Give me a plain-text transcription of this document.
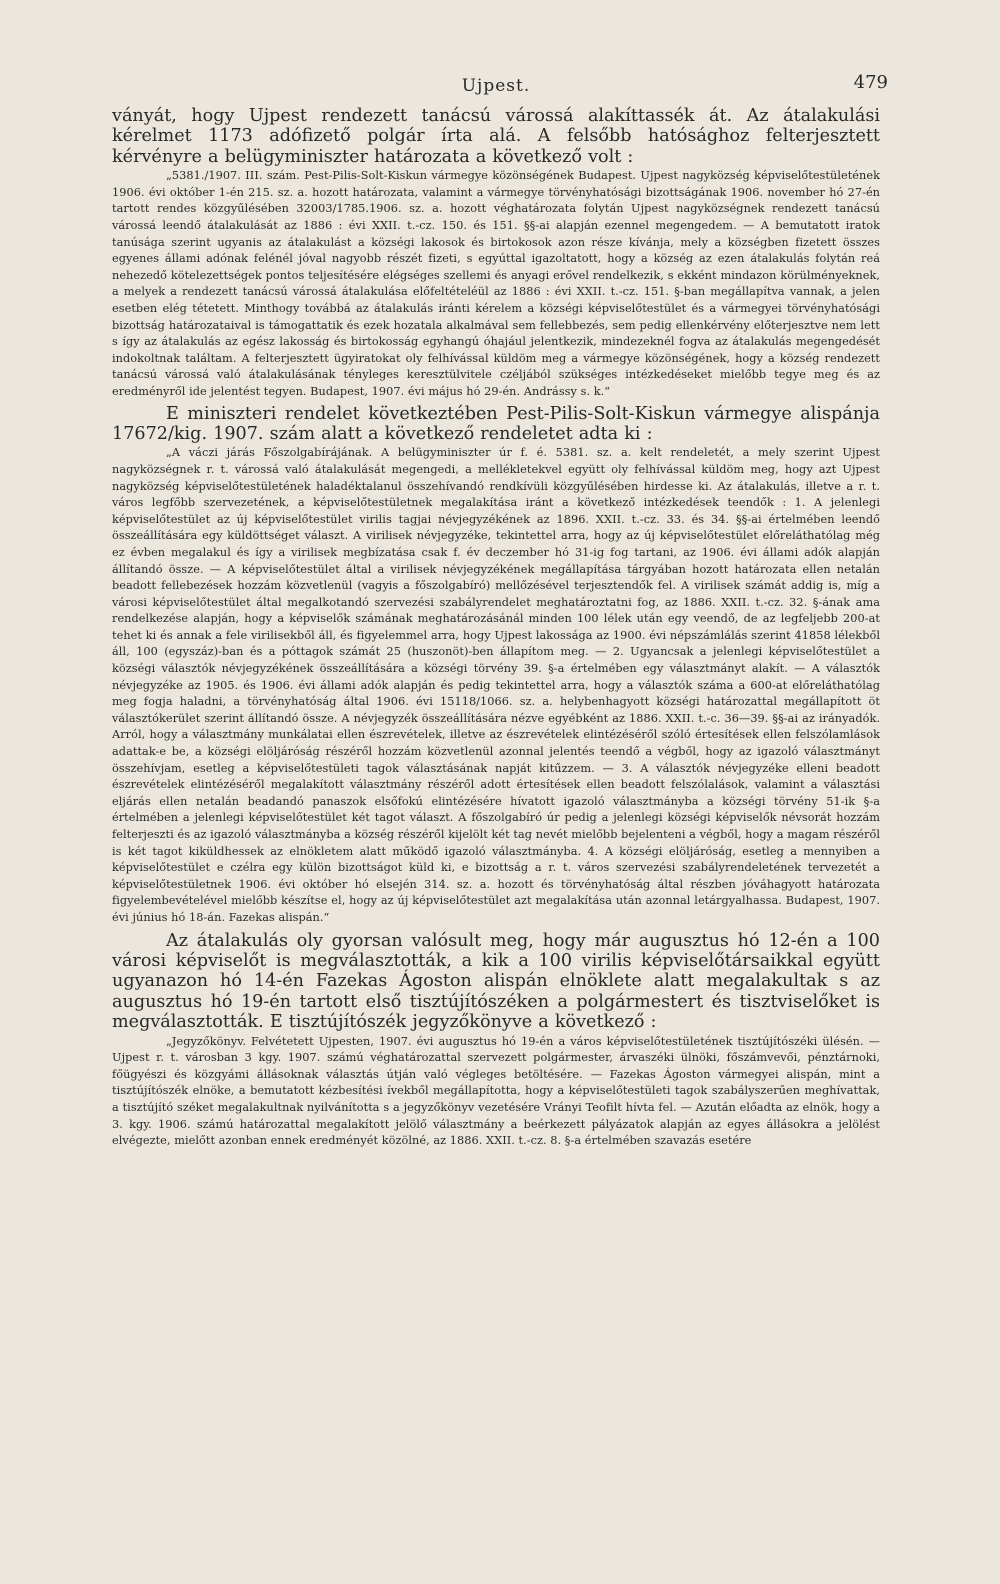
Ujpest.	479

ványát, hogy Ujpest rendezett tanácsú várossá alakíttassék át. Az átalakulási kérelmet 1173 adófizető polgár írta alá. A felsőbb hatósághoz felterjesztett kérvényre a belügyminiszter határozata a következő volt :

„5381./1907. III. szám. Pest-Pilis-Solt-Kiskun vármegye közönségének Budapest. Ujpest nagyközség képviselőtestületének 1906. évi október 1-én 215. sz. a. hozott határozata, valamint a vármegye törvényhatósági bizottságának 1906. november hó 27-én tartott rendes közgyűlésében 32003/1785.1906. sz. a. hozott véghatározata folytán Ujpest nagyközségnek rendezett tanácsú várossá leendő átalakulását az 1886 : évi XXII. t.-cz. 150. és 151. §§-ai alapján ezennel megengedem. — A bemutatott iratok tanúsága szerint ugyanis az átalakulást a községi lakosok és birtokosok azon része kívánja, mely a községben fizetett összes egyenes állami adónak felénél jóval nagyobb részét fizeti, s egyúttal igazoltatott, hogy a község az ezen átalakulás folytán reá nehezedő kötelezettségek pontos teljesítésére elégséges szellemi és anyagi erővel rendelkezik, s ekként mindazon körülményeknek, a melyek a rendezett tanácsú várossá átalakulása előfeltételéül az 1886 : évi XXII. t.-cz. 151. §-ban megállapítva vannak, a jelen esetben elég tétetett. Minthogy továbbá az átalakulás iránti kérelem a községi képviselőtestület és a vármegyei törvényhatósági bizottság határozataival is támogattatik és ezek hozatala alkalmával sem fellebbezés, sem pedig ellenkérvény előterjesztve nem lett s így az átalakulás az egész lakosság és birtokosság egyhangú óhajául jelentkezik, mindezeknél fogva az átalakulás megengedését indokoltnak találtam. A felterjesztett ügyiratokat oly felhívással küldöm meg a vármegye közönségének, hogy a község rendezett tanácsú várossá való átalakulásának tényleges keresztülvitele czéljából szükséges intézkedéseket mielőbb tegye meg és az eredményről ide jelentést tegyen. Budapest, 1907. évi május hó 29-én. Andrássy s. k.“

E miniszteri rendelet következtében Pest-Pilis-Solt-Kiskun vármegye alispánja 17672/kig. 1907. szám alatt a következő rendeletet adta ki :

„A váczi járás Főszolgabírájának. A belügyminiszter úr f. é. 5381. sz. a. kelt rendeletét, a mely szerint Ujpest nagyközségnek r. t. várossá való átalakulását megengedi, a mellékletekvel együtt oly felhívással küldöm meg, hogy azt Ujpest nagyközség képviselőtestületének haladéktalanul összehívandó rendkívüli közgyűlésében hirdesse ki. Az átalakulás, illetve a r. t. város legfőbb szervezetének, a képviselőtestületnek megalakítása iránt a következő intézkedések teendők : 1. A jelenlegi képviselőtestület az új képviselőtestület virilis tagjai névjegyzékének az 1896. XXII. t.-cz. 33. és 34. §§-ai értelmében leendő összeállítására egy küldöttséget választ. A virilisek névjegyzéke, tekintettel arra, hogy az új képviselőtestület előreláthatólag még ez évben megalakul és így a virilisek megbízatása csak f. év deczember hó 31-ig fog tartani, az 1906. évi állami adók alapján állítandó össze. — A képviselőtestület által a virilisek névjegyzékének megállapítása tárgyában hozott határozata ellen netalán beadott fellebezések hozzám közvetlenül (vagyis a főszolgabíró) mellőzésével terjesztendők fel. A virilisek számát addig is, míg a városi képviselőtestület által megalkotandó szervezési szabályrendelet meghatároztatni fog, az 1886. XXII. t.-cz. 32. §-ának ama rendelkezése alapján, hogy a képviselők számának meghatározásánál minden 100 lélek után egy veendő, de az legfeljebb 200-at tehet ki és annak a fele virilisekből áll, és figyelemmel arra, hogy Ujpest lakossága az 1900. évi népszámlálás szerint 41858 lélekből áll, 100 (egyszáz)-ban és a póttagok számát 25 (huszonöt)-ben állapítom meg. — 2. Ugyancsak a jelenlegi képviselőtestület a községi választók névjegyzékének összeállítására a községi törvény 39. §-a értelmében egy választmányt alakít. — A választók névjegyzéke az 1905. és 1906. évi állami adók alapján és pedig tekintettel arra, hogy a választók száma a 600-at előreláthatólag meg fogja haladni, a törvényhatóság által 1906. évi 15118/1066. sz. a. helybenhagyott községi határozattal megállapított öt választókerület szerint állítandó össze. A névjegyzék összeállítására nézve egyébként az 1886. XXII. t.-c. 36—39. §§-ai az irányadók. Arról, hogy a választmány munkálatai ellen észrevételek, illetve az észrevételek elintézéséről szóló értesítések ellen felszólamlások adattak-e be, a községi elöljáróság részéről hozzám közvetlenül azonnal jelentés teendő a végből, hogy az igazoló választmányt összehívjam, esetleg a képviselőtestületi tagok választásának napját kitűzzem. — 3. A választók névjegyzéke elleni beadott észrevételek elintézéséről megalakított választmány részéről adott értesítések ellen beadott felszólalások, valamint a választási eljárás ellen netalán beadandó panaszok elsőfokú elintézésére hívatott igazoló választmányba a községi törvény 51-ik §-a értelmében a jelenlegi képviselőtestület két tagot választ. A főszolgabíró úr pedig a jelenlegi községi képviselők névsorát hozzám felterjeszti és az igazoló választmányba a község részéről kijelölt két tag nevét mielőbb bejelenteni a végből, hogy a magam részéről is két tagot kiküldhessek az elnökletem alatt működő igazoló választmányba. 4. A községi elöljáróság, esetleg a mennyiben a képviselőtestület e czélra egy külön bizottságot küld ki, e bizottság a r. t. város szervezési szabályrendeletének tervezetét a képviselőtestületnek 1906. évi október hó elsején 314. sz. a. hozott és törvényhatóság által részben jóváhagyott határozata figyelembevételével mielőbb készítse el, hogy az új képviselőtestület azt megalakítása után azonnal letárgyalhassa. Budapest, 1907. évi június hó 18-án. Fazekas alispán.“

Az átalakulás oly gyorsan valósult meg, hogy már augusztus hó 12-én a 100 városi képviselőt is megválasztották, a kik a 100 virilis képviselőtársaikkal együtt ugyanazon hó 14-én Fazekas Ágoston alispán elnöklete alatt megalakultak s az augusztus hó 19-én tartott első tisztújítószéken a polgármestert és tisztviselőket is megválasztották. E tisztújítószék jegyzőkönyve a következő :

„Jegyzőkönyv. Felvétetett Ujpesten, 1907. évi augusztus hó 19-én a város képviselőtestületének tisztújítószéki ülésén. — Ujpest r. t. városban 3 kgy. 1907. számú véghatározattal szervezett polgármester, árvaszéki ülnöki, főszámvevői, pénztárnoki, főügyészi és közgyámi állásoknak választás útján való végleges betöltésére. — Fazekas Ágoston vármegyei alispán, mint a tisztújítószék elnöke, a bemutatott kézbesítési ívekből megállapította, hogy a képviselőtestületi tagok szabályszerűen meghívattak, a tisztújító széket megalakultnak nyilvánította s a jegyzőkönyv vezetésére Vrányi Teofilt hívta fel. — Azután előadta az elnök, hogy a 3. kgy. 1906. számú határozattal megalakított jelölő választmány a beérkezett pályázatok alapján az egyes állásokra a jelölést elvégezte, mielőtt azonban ennek eredményét közölné, az 1886. XXII. t.-cz. 8. §-a értelmében szavazás esetére
